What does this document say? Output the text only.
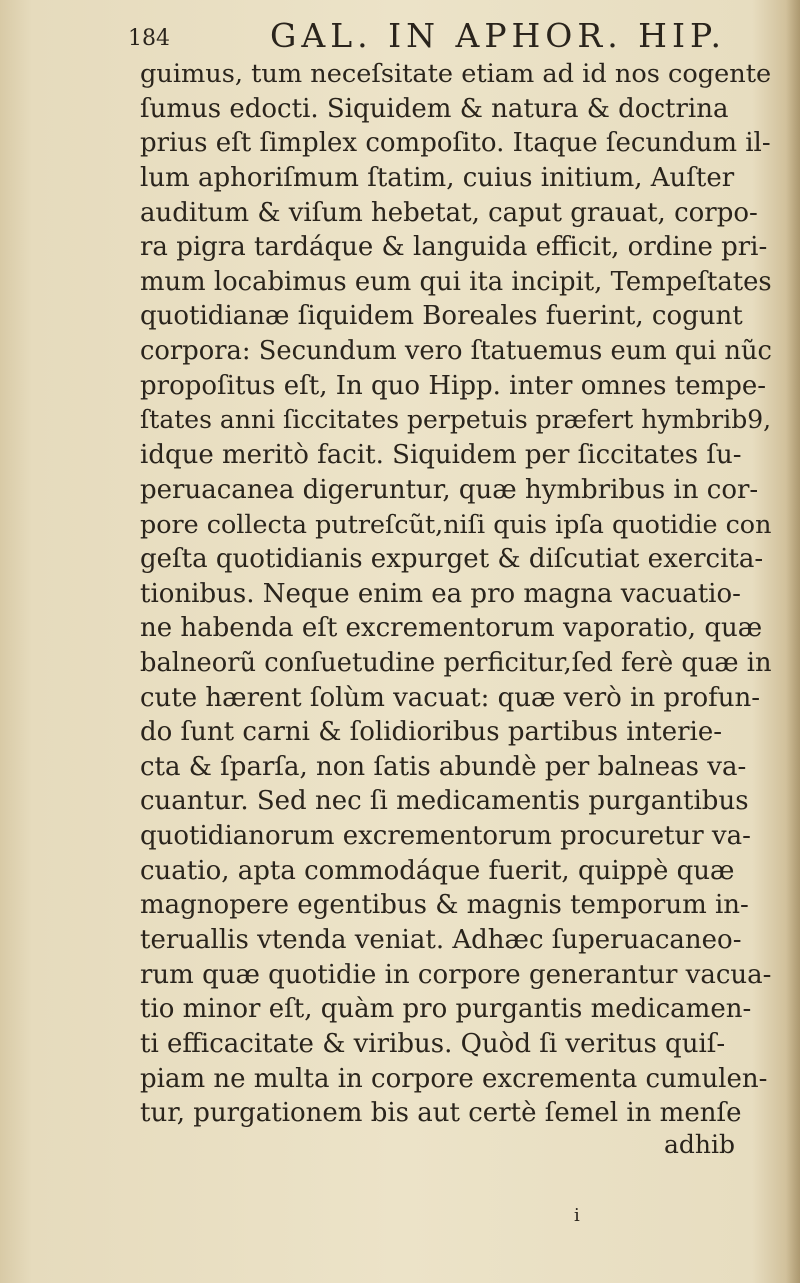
184	GAL. IN APHOR. HIP.
guimus, tum neceſsitate etiam ad id nos cogente
ſumus edocti. Siquidem & natura & doctrina
prius eſt ſimplex compoſito. Itaque ſecundum il-
lum aphoriſmum ſtatim, cuius initium, Auſter
auditum & viſum hebetat, caput grauat, corpo-
ra pigra tardáque & languida efficit, ordine pri-
mum locabimus eum qui ita incipit, Tempeſtates
quotidianæ ſiquidem Boreales fuerint, cogunt
corpora: Secundum vero ſtatuemus eum qui nũc
propoſitus eſt, In quo Hipp. inter omnes tempe-
ſtates anni ſiccitates perpetuis præfert hymbrib9,
idque meritò facit. Siquidem per ſiccitates ſu-
peruacanea digeruntur, quæ hymbribus in cor-
pore collecta putreſcũt,niſi quis ipſa quotidie con
geſta quotidianis expurget & diſcutiat exercita-
tionibus. Neque enim ea pro magna vacuatio-
ne habenda eſt excrementorum vaporatio, quæ
balneorũ conſuetudine perficitur,ſed ferè quæ in
cute hærent ſolùm vacuat: quæ verò in profun-
do ſunt carni & ſolidioribus partibus interie-
cta & ſparſa, non ſatis abundè per balneas va-
cuantur. Sed nec ſi medicamentis purgantibus
quotidianorum excrementorum procuretur va-
cuatio, apta commodáque fuerit, quippè quæ
magnopere egentibus & magnis temporum in-
teruallis vtenda veniat. Adhæc ſuperuacaneo-
rum quæ quotidie in corpore generantur vacua-
tio minor eſt, quàm pro purgantis medicamen-
ti efficacitate & viribus. Quòd ſi veritus quiſ-
piam ne multa in corpore excrementa cumulen-
tur, purgationem bis aut certè ſemel in menſe
adhib
i
